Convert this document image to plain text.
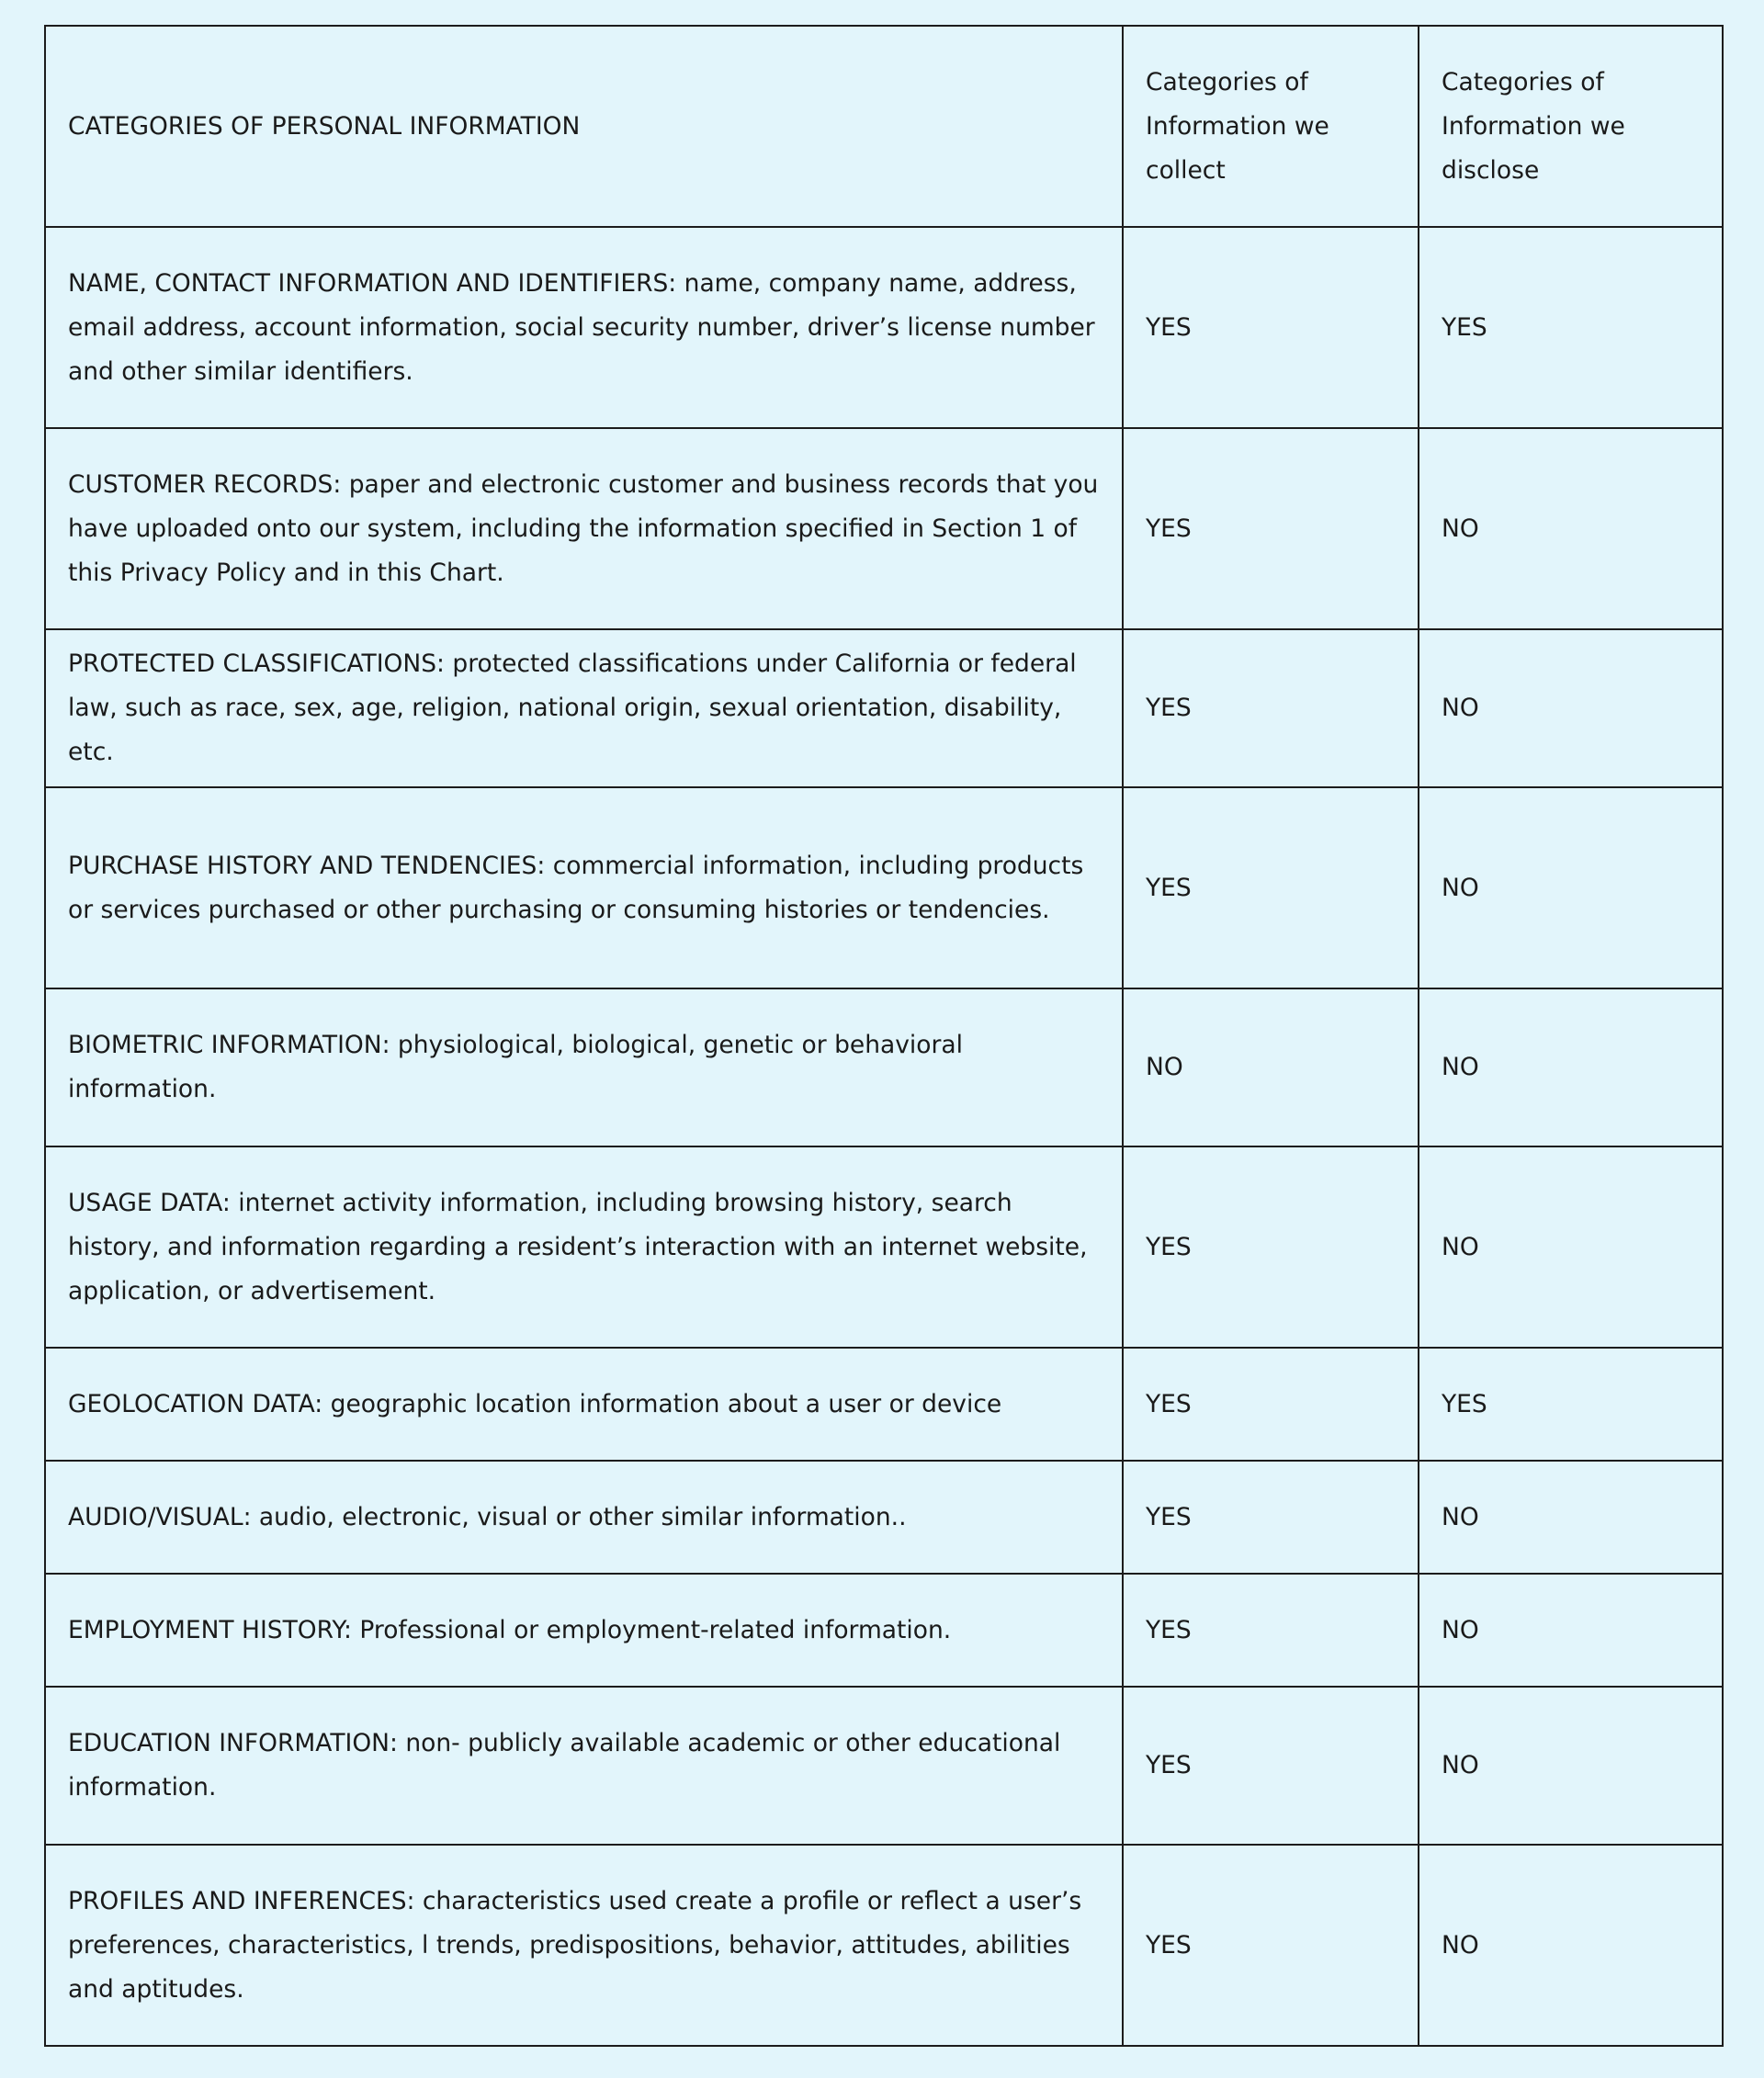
CATEGORIES OF PERSONAL INFORMATION	Categories of Information we collect	Categories of Information we disclose
NAME, CONTACT INFORMATION AND IDENTIFIERS: name, company name, address, email address, account information, social security number, driver’s license number and other similar identifiers.	YES	YES
CUSTOMER RECORDS: paper and electronic customer and business records that you have uploaded onto our system, including the information specified in Section 1 of this Privacy Policy and in this Chart.	YES	NO
PROTECTED CLASSIFICATIONS: protected classifications under California or federal law, such as race, sex, age, religion, national origin, sexual orientation, disability, etc.	YES	NO
PURCHASE HISTORY AND TENDENCIES: commercial information, including products or services purchased or other purchasing or consuming histories or tendencies.	YES	NO
BIOMETRIC INFORMATION: physiological, biological, genetic or behavioral information.	NO	NO
USAGE DATA: internet activity information, including browsing history, search history, and information regarding a resident’s interaction with an internet website, application, or advertisement.	YES	NO
GEOLOCATION DATA: geographic location information about a user or device	YES	YES
AUDIO/VISUAL: audio, electronic, visual or other similar information..	YES	NO
EMPLOYMENT HISTORY: Professional or employment-related information.	YES	NO
EDUCATION INFORMATION: non- publicly available academic or other educational information.	YES	NO
PROFILES AND INFERENCES: characteristics used create a profile or reflect a user’s preferences, characteristics, l trends, predispositions, behavior, attitudes, abilities and aptitudes.	YES	NO
